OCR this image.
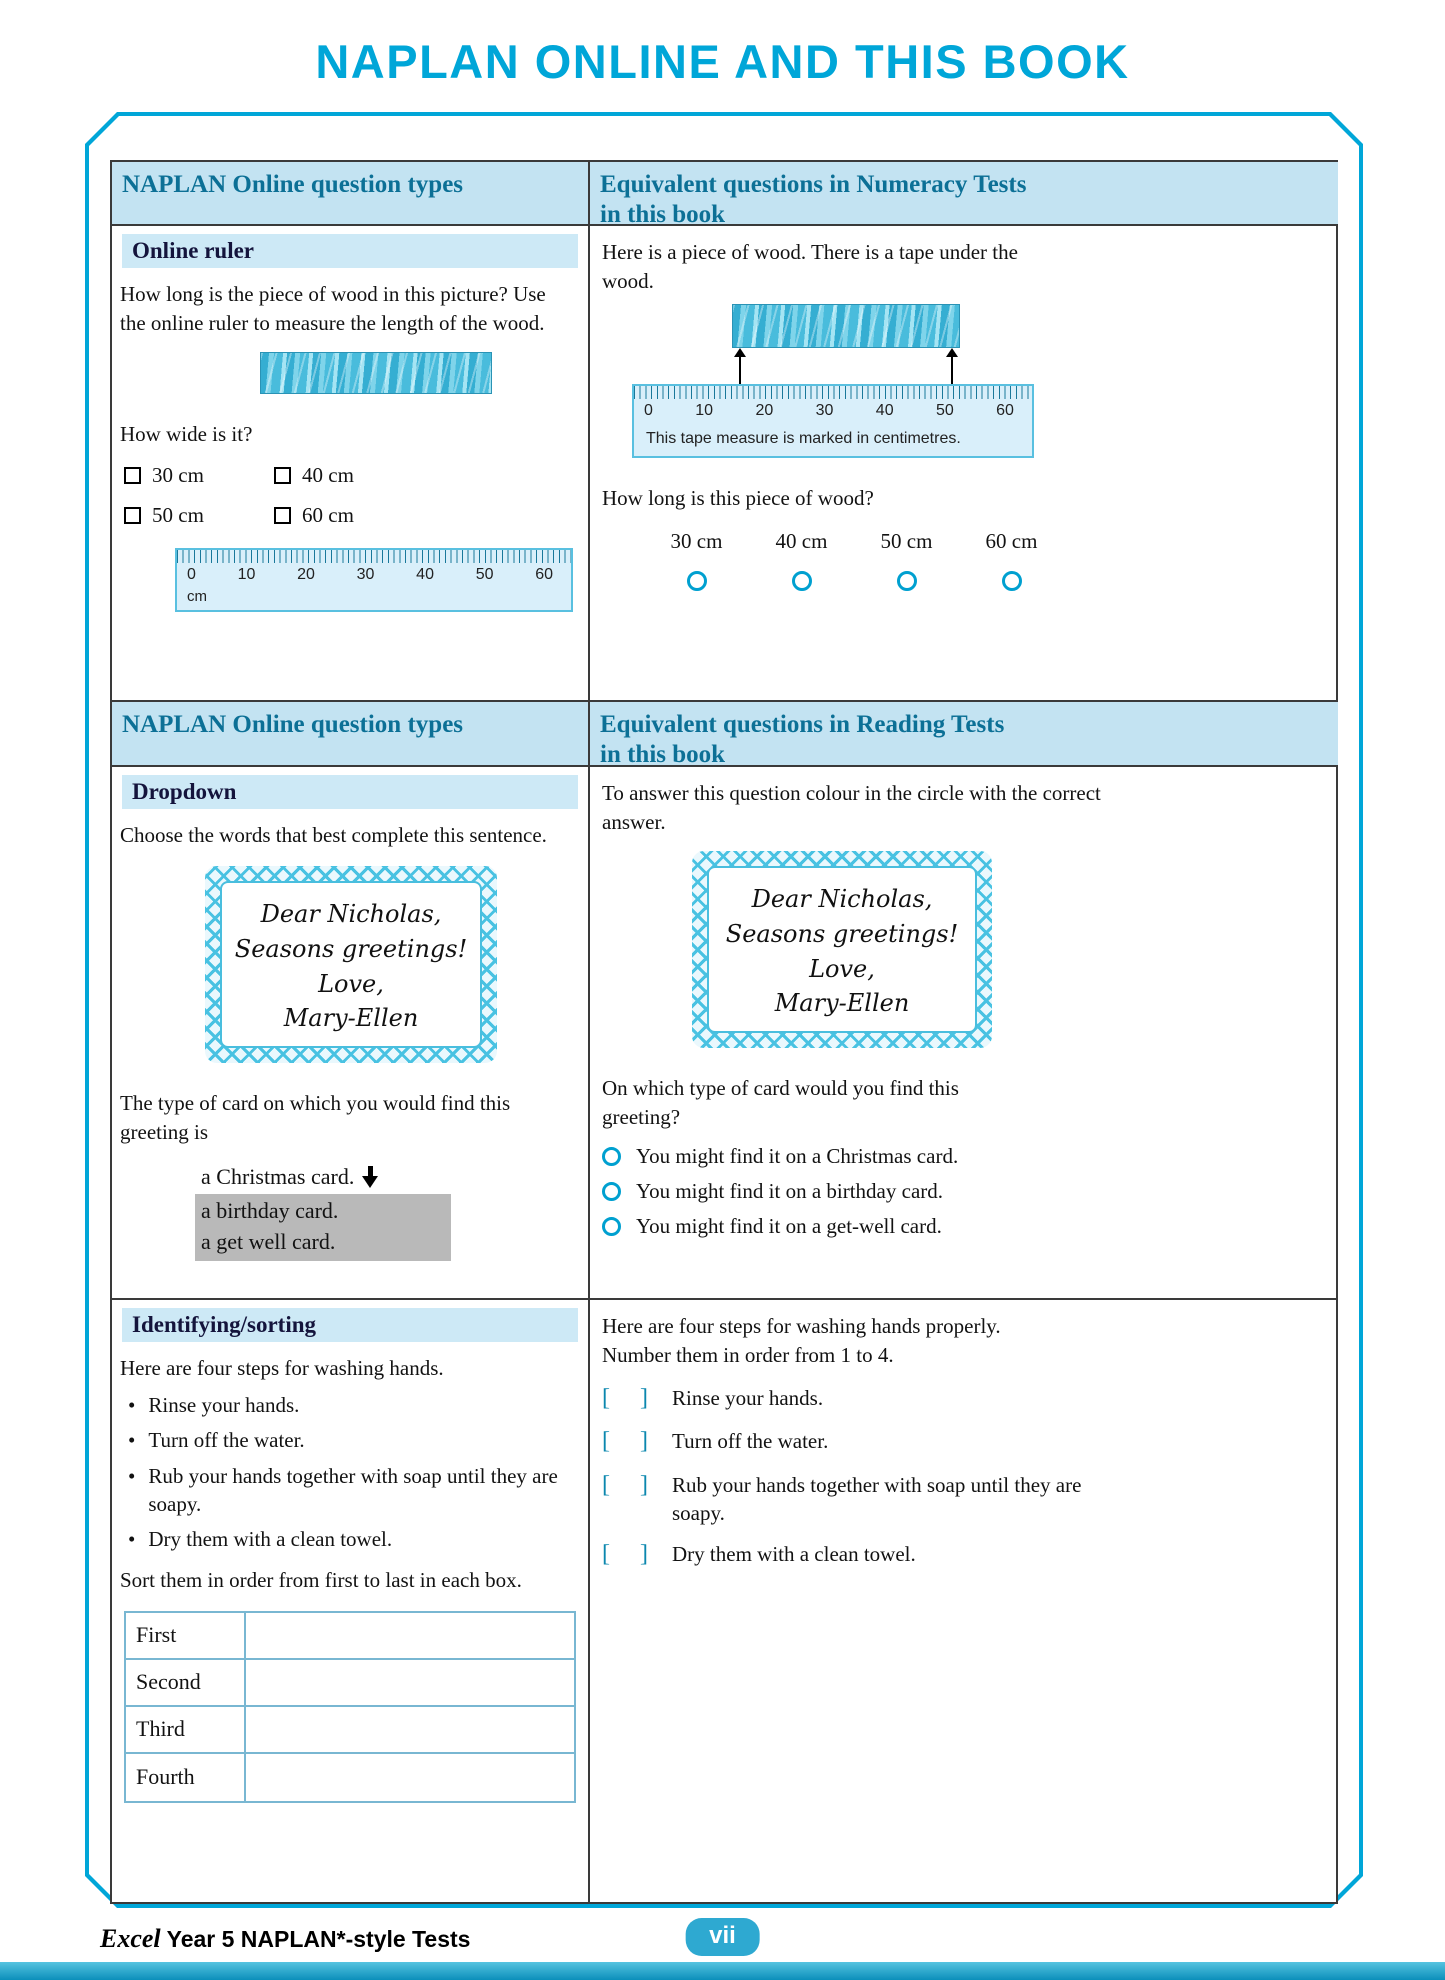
NAPLAN ONLINE AND THIS BOOK
NAPLAN Online question types	Equivalent questions in Numeracy Tests
in this book
Online ruler

How long is the piece of wood in this picture? Use the online ruler to measure the length of the wood.

How wide is it?

30 cm	40 cm
50 cm	60 cm
0	10	20	30	40	50	60
cm

Here is a piece of wood. There is a tape under the wood.

0	10	20	30	40	50	60
This tape measure is marked in centimetres.

How long is this piece of wood?

30 cm	40 cm	50 cm	60 cm
NAPLAN Online question types	Equivalent questions in Reading Tests
in this book
Dropdown

Choose the words that best complete this sentence.

Dear Nicholas,
Seasons greetings!
Love,
Mary-Ellen

The type of card on which you would find this greeting is

a Christmas card.
a birthday card.
a get well card.

To answer this question colour in the circle with the correct answer.

Dear Nicholas,
Seasons greetings!
Love,
Mary-Ellen

On which type of card would you find this greeting?

You might find it on a Christmas card.
You might find it on a birthday card.
You might find it on a get-well card.
Identifying/sorting

Here are four steps for washing hands.

• Rinse your hands.
• Turn off the water.
• Rub your hands together with soap until they are soapy.
• Dry them with a clean towel.

Sort them in order from first to last in each box.

First
Second
Third
Fourth

Here are four steps for washing hands properly. Number them in order from 1 to 4.

[ ] Rinse your hands.
[ ] Turn off the water.
[ ] Rub your hands together with soap until they are soapy.
[ ] Dry them with a clean towel.
Excel Year 5 NAPLAN*-style Tests	vii
